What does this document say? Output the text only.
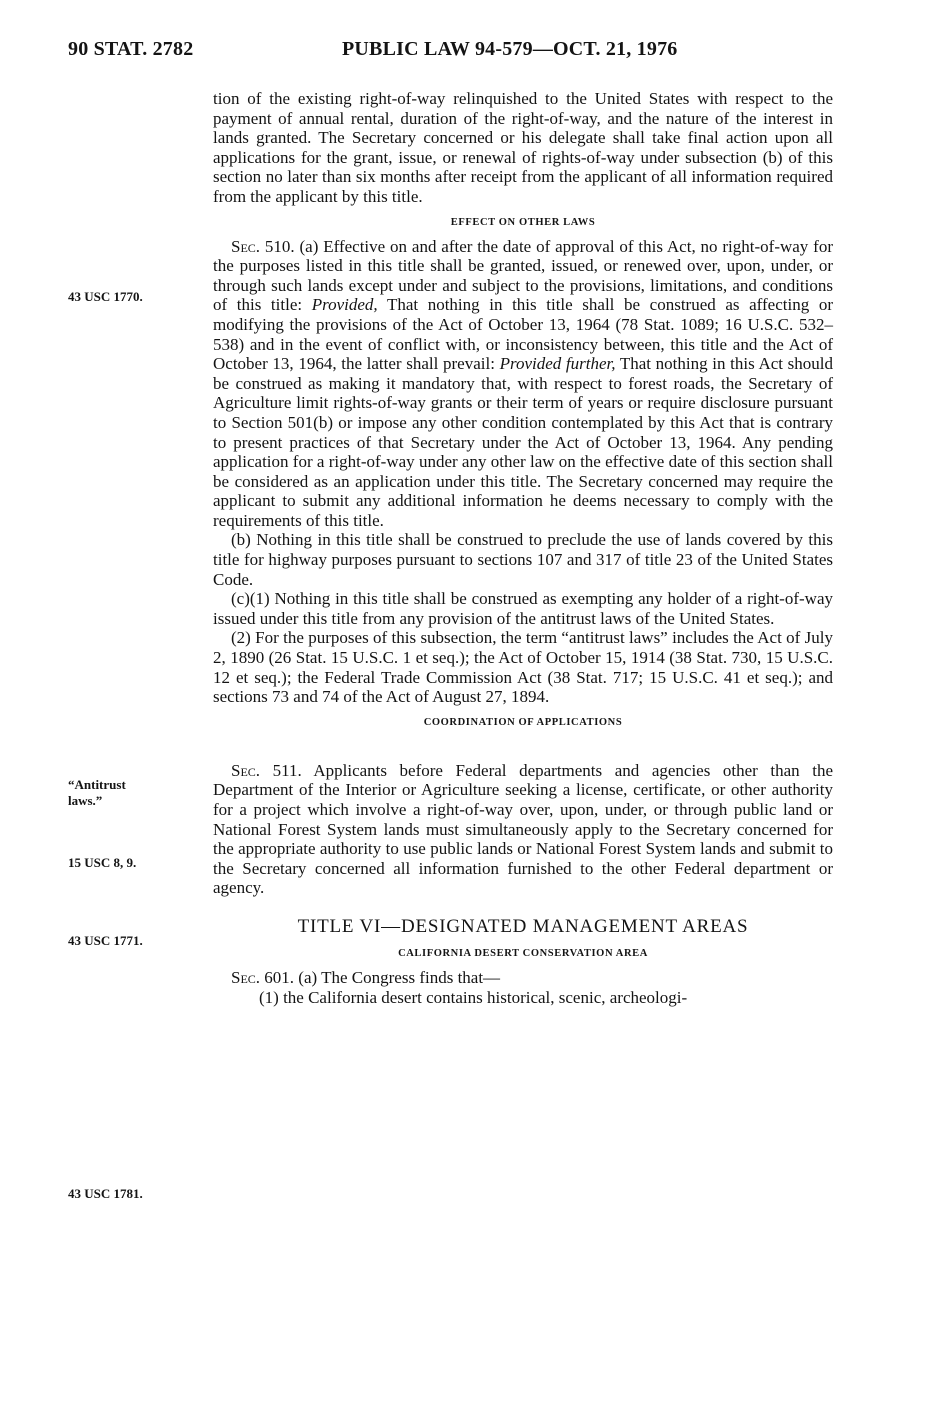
90 STAT. 2782	PUBLIC LAW 94-579—OCT. 21, 1976
43 USC 1770.
“Antitrust
laws.”
15 USC 8, 9.
43 USC 1771.
43 USC 1781.

tion of the existing right-of-way relinquished to the United States with respect to the payment of annual rental, duration of the right-of-way, and the nature of the interest in lands granted. The Secretary concerned or his delegate shall take final action upon all applications for the grant, issue, or renewal of rights-of-way under subsection (b) of this section no later than six months after receipt from the applicant of all information required from the applicant by this title.

EFFECT ON OTHER LAWS

Sec. 510. (a) Effective on and after the date of approval of this Act, no right-of-way for the purposes listed in this title shall be granted, issued, or renewed over, upon, under, or through such lands except under and subject to the provisions, limitations, and conditions of this title: Provided, That nothing in this title shall be construed as affecting or modifying the provisions of the Act of October 13, 1964 (78 Stat. 1089; 16 U.S.C. 532–538) and in the event of conflict with, or inconsistency between, this title and the Act of October 13, 1964, the latter shall prevail: Provided further, That nothing in this Act should be construed as making it mandatory that, with respect to forest roads, the Secretary of Agriculture limit rights-of-way grants or their term of years or require disclosure pursuant to Section 501(b) or impose any other condition contemplated by this Act that is contrary to present practices of that Secretary under the Act of October 13, 1964. Any pending application for a right-of-way under any other law on the effective date of this section shall be considered as an application under this title. The Secretary concerned may require the applicant to submit any additional information he deems necessary to comply with the requirements of this title.

(b) Nothing in this title shall be construed to preclude the use of lands covered by this title for highway purposes pursuant to sections 107 and 317 of title 23 of the United States Code.

(c)(1) Nothing in this title shall be construed as exempting any holder of a right-of-way issued under this title from any provision of the antitrust laws of the United States.

(2) For the purposes of this subsection, the term “antitrust laws” includes the Act of July 2, 1890 (26 Stat. 15 U.S.C. 1 et seq.); the Act of October 15, 1914 (38 Stat. 730, 15 U.S.C. 12 et seq.); the Federal Trade Commission Act (38 Stat. 717; 15 U.S.C. 41 et seq.); and sections 73 and 74 of the Act of August 27, 1894.

COORDINATION OF APPLICATIONS

Sec. 511. Applicants before Federal departments and agencies other than the Department of the Interior or Agriculture seeking a license, certificate, or other authority for a project which involve a right-of-way over, upon, under, or through public land or National Forest System lands must simultaneously apply to the Secretary concerned for the appropriate authority to use public lands or National Forest System lands and submit to the Secretary concerned all information furnished to the other Federal department or agency.

TITLE VI—DESIGNATED MANAGEMENT AREAS
CALIFORNIA DESERT CONSERVATION AREA

Sec. 601. (a) The Congress finds that—

(1) the California desert contains historical, scenic, archeologi-
